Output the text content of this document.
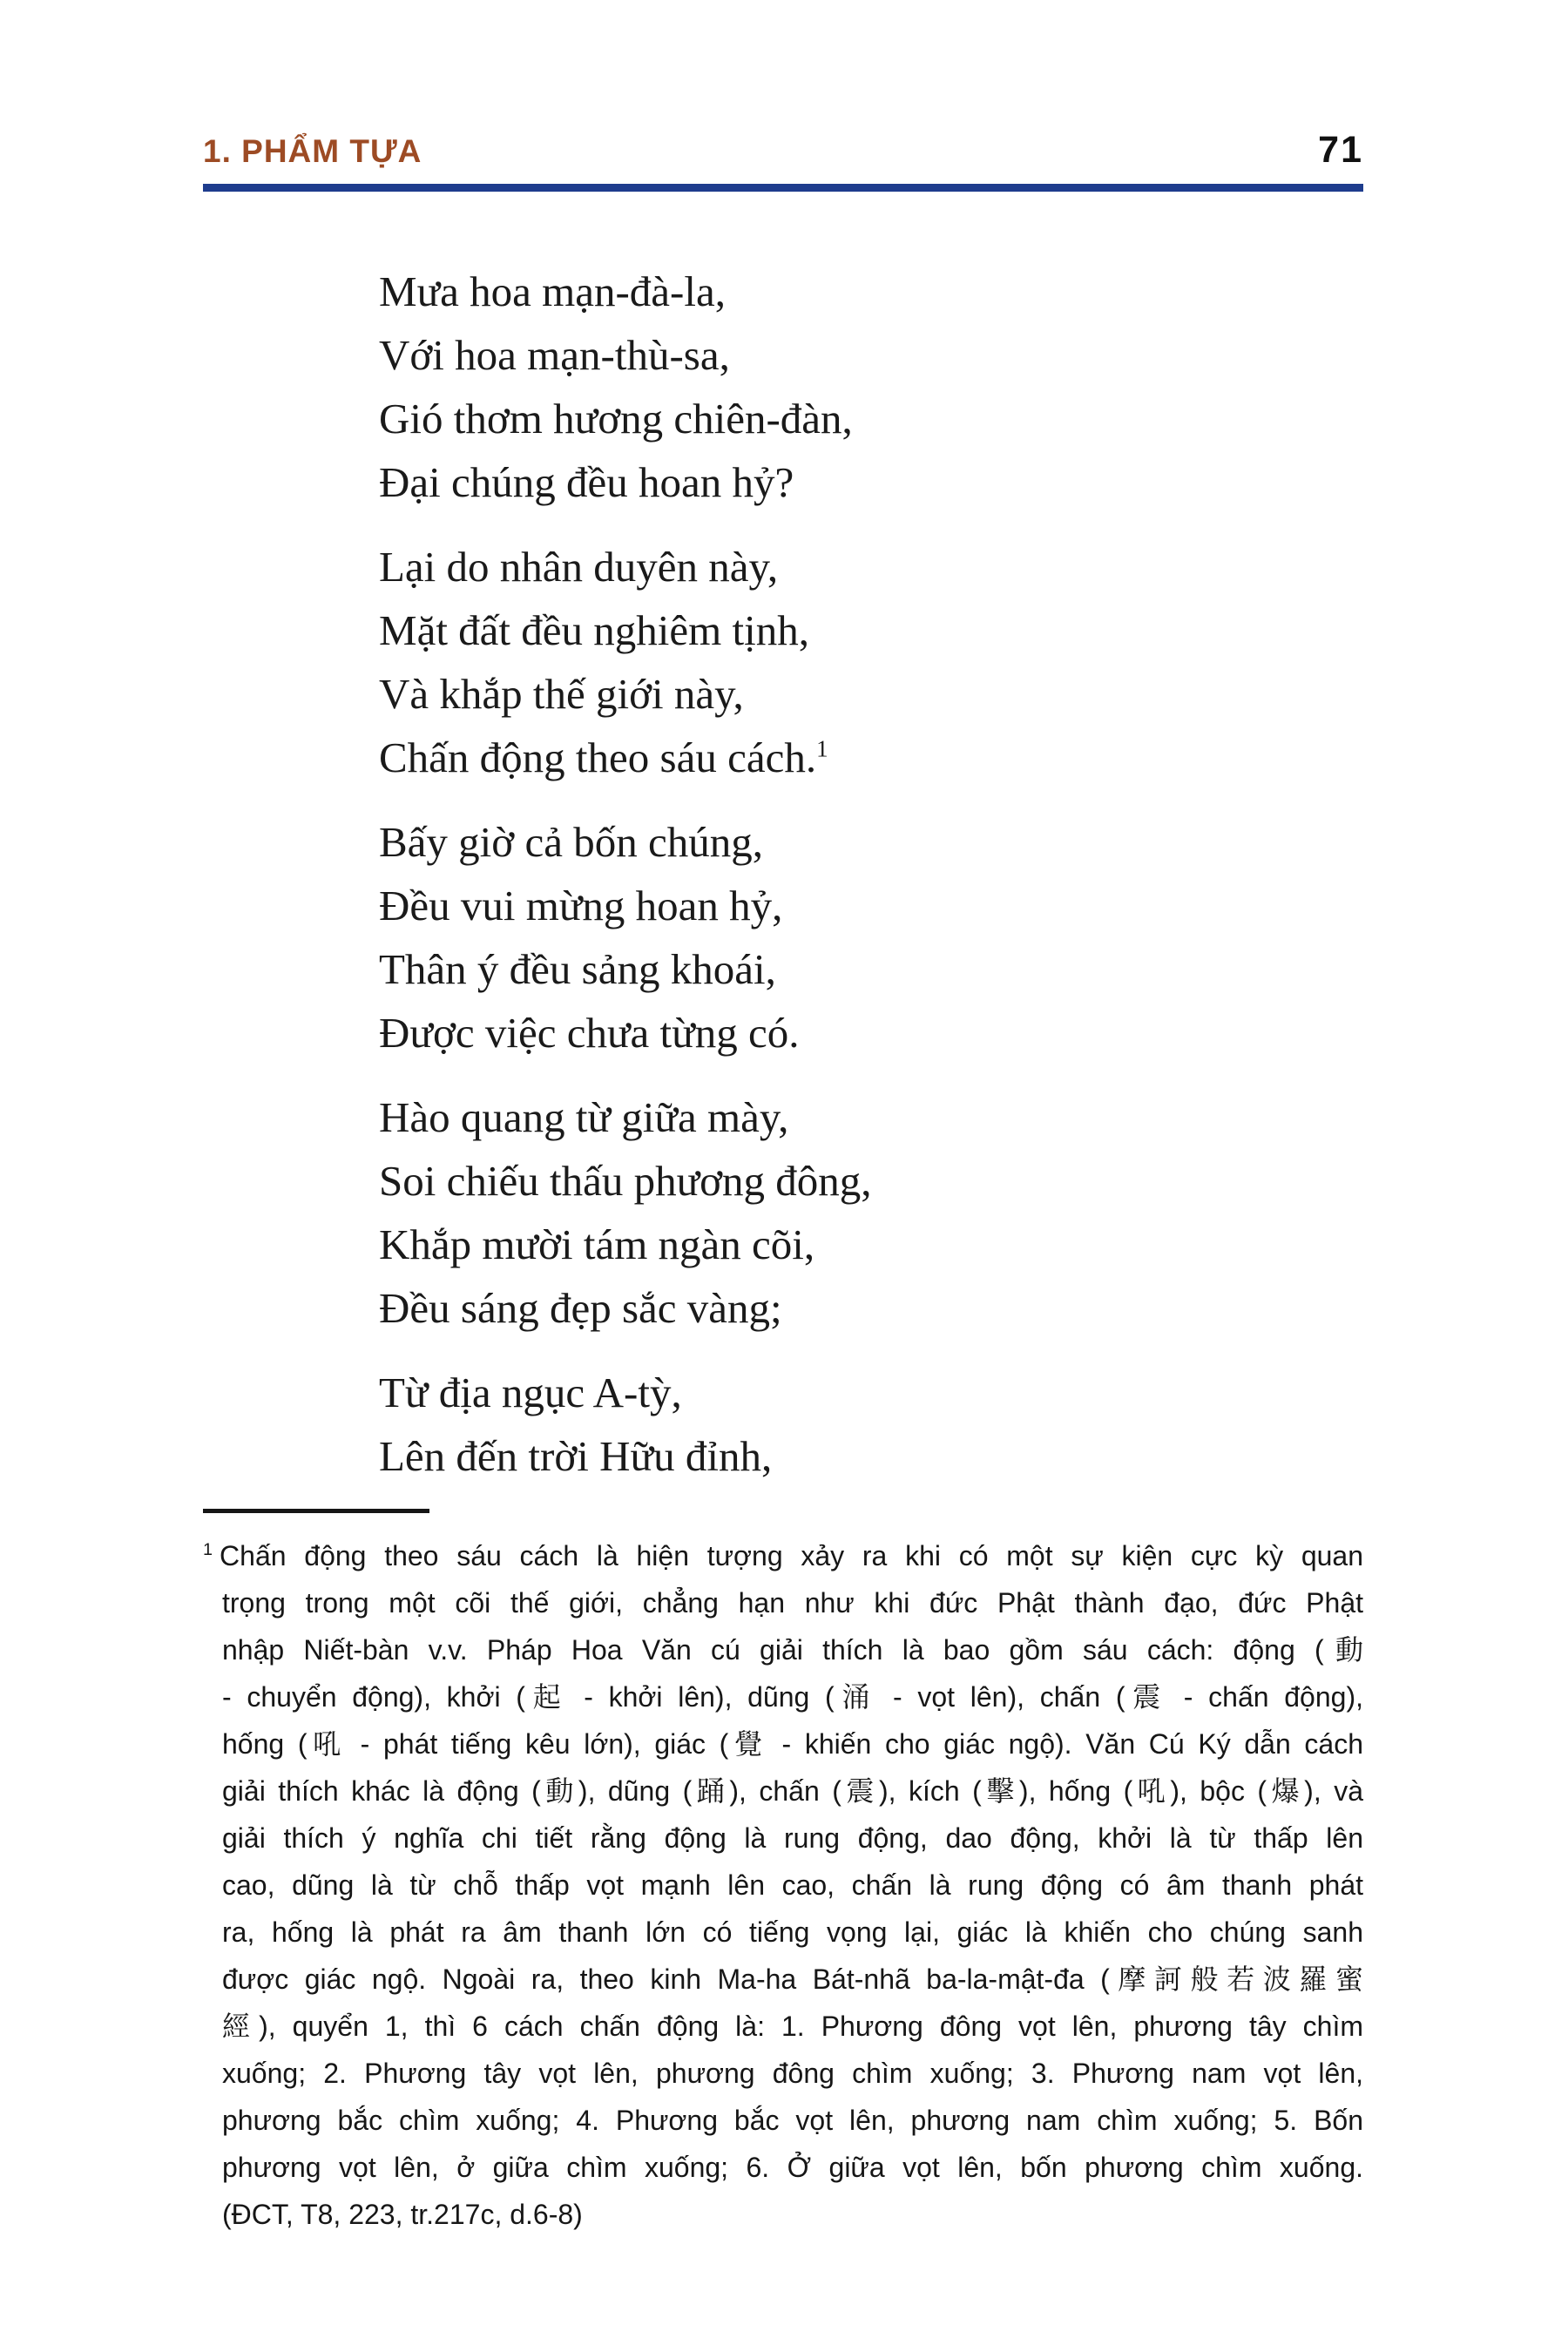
1. PHẨM TỰA	71
Mưa hoa mạn-đà-la,
Với hoa mạn-thù-sa,
Gió thơm hương chiên-đàn,
Đại chúng đều hoan hỷ?
Lại do nhân duyên này,
Mặt đất đều nghiêm tịnh,
Và khắp thế giới này,
Chấn động theo sáu cách.$^1$
Bấy giờ cả bốn chúng,
Đều vui mừng hoan hỷ,
Thân ý đều sảng khoái,
Được việc chưa từng có.
Hào quang từ giữa mày,
Soi chiếu thấu phương đông,
Khắp mười tám ngàn cõi,
Đều sáng đẹp sắc vàng;
Từ địa ngục A-tỳ,
Lên đến trời Hữu đỉnh,
$^1$ Chấn động theo sáu cách là hiện tượng xảy ra khi có một sự kiện cực kỳ quan
trọng trong một cõi thế giới, chẳng hạn như khi đức Phật thành đạo, đức Phật
nhập Niết-bàn v.v. Pháp Hoa Văn cú giải thích là bao gồm sáu cách: động (動
- chuyển động), khởi (起 - khởi lên), dũng (涌 - vọt lên), chấn (震 - chấn động),
hống (吼 - phát tiếng kêu lớn), giác (覺 - khiến cho giác ngộ). Văn Cú Ký dẫn cách
giải thích khác là động (動), dũng (踊), chấn (震), kích (擊), hống (吼), bộc (爆), và
giải thích ý nghĩa chi tiết rằng động là rung động, dao động, khởi là từ thấp lên
cao, dũng là từ chỗ thấp vọt mạnh lên cao, chấn là rung động có âm thanh phát
ra, hống là phát ra âm thanh lớn có tiếng vọng lại, giác là khiến cho chúng sanh
được giác ngộ. Ngoài ra, theo kinh Ma-ha Bát-nhã ba-la-mật-đa (摩訶般若波羅蜜
經), quyển 1, thì 6 cách chấn động là: 1. Phương đông vọt lên, phương tây chìm
xuống; 2. Phương tây vọt lên, phương đông chìm xuống; 3. Phương nam vọt lên,
phương bắc chìm xuống; 4. Phương bắc vọt lên, phương nam chìm xuống; 5. Bốn
phương vọt lên, ở giữa chìm xuống; 6. Ở giữa vọt lên, bốn phương chìm xuống.
(ĐCT, T8, 223, tr.217c, d.6-8)
